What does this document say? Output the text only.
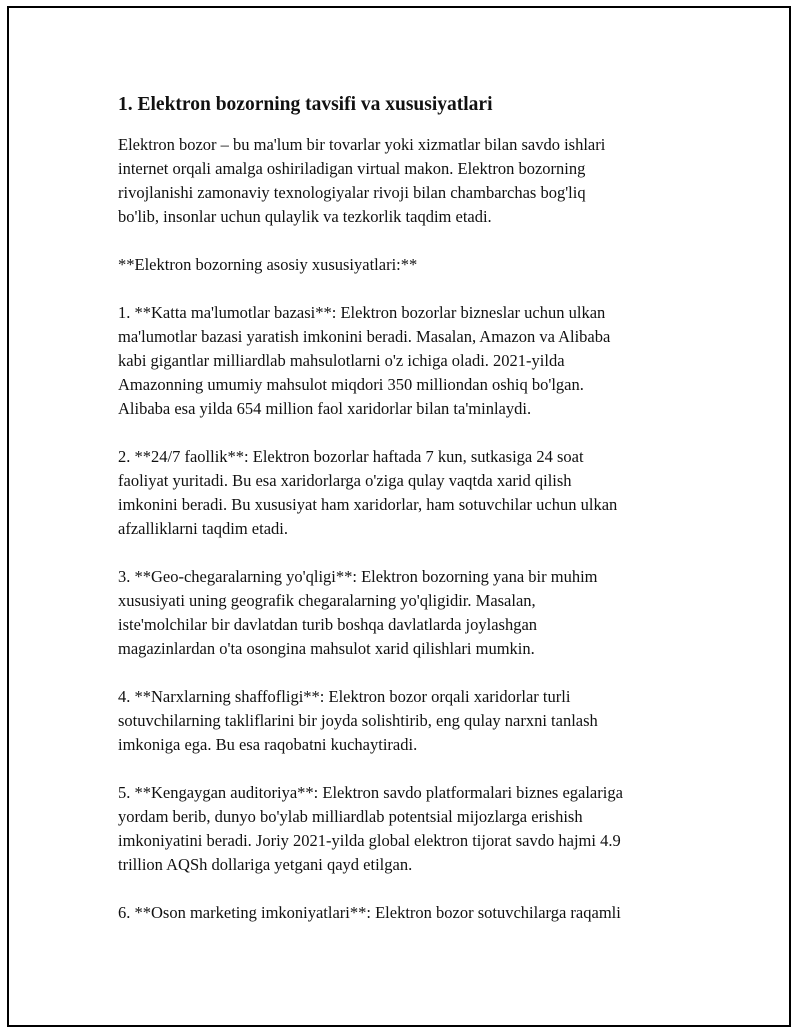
1. Elektron bozorning tavsifi va xususiyatlari

Elektron bozor – bu ma'lum bir tovarlar yoki xizmatlar bilan savdo ishlari
internet orqali amalga oshiriladigan virtual makon. Elektron bozorning
rivojlanishi zamonaviy texnologiyalar rivoji bilan chambarchas bog'liq
bo'lib, insonlar uchun qulaylik va tezkorlik taqdim etadi.

**Elektron bozorning asosiy xususiyatlari:**

1. **Katta ma'lumotlar bazasi**: Elektron bozorlar bizneslar uchun ulkan
ma'lumotlar bazasi yaratish imkonini beradi. Masalan, Amazon va Alibaba
kabi gigantlar milliardlab mahsulotlarni o'z ichiga oladi. 2021-yilda
Amazonning umumiy mahsulot miqdori 350 milliondan oshiq bo'lgan.
Alibaba esa yilda 654 million faol xaridorlar bilan ta'minlaydi.

2. **24/7 faollik**: Elektron bozorlar haftada 7 kun, sutkasiga 24 soat
faoliyat yuritadi. Bu esa xaridorlarga o'ziga qulay vaqtda xarid qilish
imkonini beradi. Bu xususiyat ham xaridorlar, ham sotuvchilar uchun ulkan
afzalliklarni taqdim etadi.

3. **Geo-chegaralarning yo'qligi**: Elektron bozorning yana bir muhim
xususiyati uning geografik chegaralarning yo'qligidir. Masalan,
iste'molchilar bir davlatdan turib boshqa davlatlarda joylashgan
magazinlardan o'ta osongina mahsulot xarid qilishlari mumkin.

4. **Narxlarning shaffofligi**: Elektron bozor orqali xaridorlar turli
sotuvchilarning takliflarini bir joyda solishtirib, eng qulay narxni tanlash
imkoniga ega. Bu esa raqobatni kuchaytiradi.

5. **Kengaygan auditoriya**: Elektron savdo platformalari biznes egalariga
yordam berib, dunyo bo'ylab milliardlab potentsial mijozlarga erishish
imkoniyatini beradi. Joriy 2021-yilda global elektron tijorat savdo hajmi 4.9
trillion AQSh dollariga yetgani qayd etilgan.

6. **Oson marketing imkoniyatlari**: Elektron bozor sotuvchilarga raqamli
